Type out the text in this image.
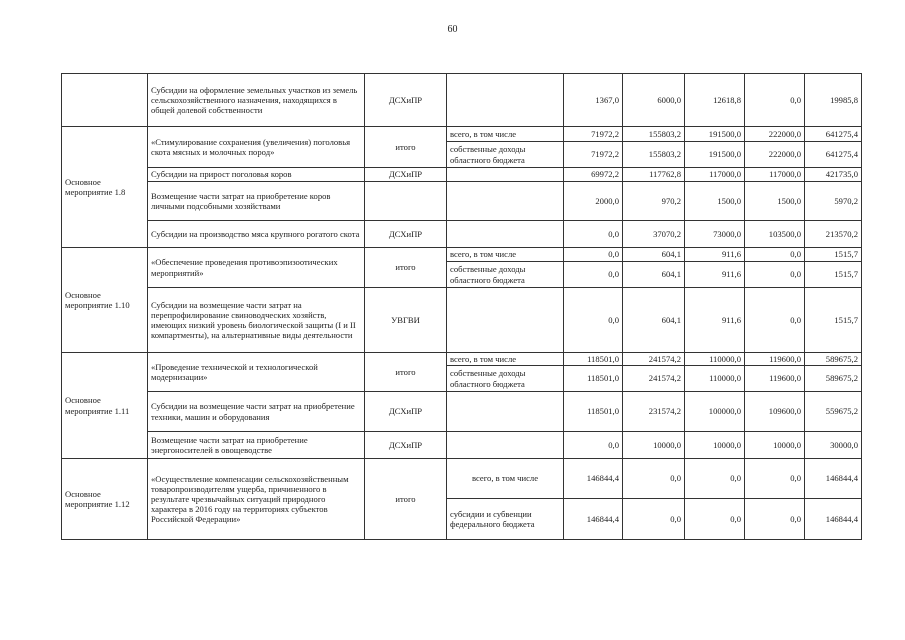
60
	Субсидии на оформление земельных участков из земель сельскохозяйственного назначения, находящихся в общей долевой собственности	ДСХиПР		1367,0	6000,0	12618,8	0,0	19985,8
Основное мероприятие 1.8	«Стимулирование сохранения (увеличения) поголовья скота мясных и молочных пород»	итого	всего, в том числе	71972,2	155803,2	191500,0	222000,0	641275,4
			собственные доходы областного бюджета	71972,2	155803,2	191500,0	222000,0	641275,4
	Субсидии на прирост поголовья коров	ДСХиПР		69972,2	117762,8	117000,0	117000,0	421735,0
	Возмещение части затрат на приобретение коров личными подсобными хозяйствами			2000,0	970,2	1500,0	1500,0	5970,2
	Субсидии на производство мяса крупного рогатого скота	ДСХиПР		0,0	37070,2	73000,0	103500,0	213570,2
Основное мероприятие 1.10	«Обеспечение проведения противоэпизоотических мероприятий»	итого	всего, в том числе	0,0	604,1	911,6	0,0	1515,7
			собственные доходы областного бюджета	0,0	604,1	911,6	0,0	1515,7
	Субсидии на возмещение части затрат на перепрофилирование свиноводческих хозяйств, имеющих низкий уровень биологической защиты (I и II компартменты), на альтернативные виды деятельности	УВГВИ		0,0	604,1	911,6	0,0	1515,7
Основное мероприятие 1.11	«Проведение технической и технологической модернизации»	итого	всего, в том числе	118501,0	241574,2	110000,0	119600,0	589675,2
			собственные доходы областного бюджета	118501,0	241574,2	110000,0	119600,0	589675,2
	Субсидии на возмещение части затрат на приобретение техники, машин и оборудования	ДСХиПР		118501,0	231574,2	100000,0	109600,0	559675,2
	Возмещение части затрат на приобретение энергоносителей в овощеводстве	ДСХиПР		0,0	10000,0	10000,0	10000,0	30000,0
Основное мероприятие 1.12	«Осуществление компенсации сельскохозяйственным товаропроизводителям ущерба, причиненного в результате чрезвычайных ситуаций природного характера в 2016 году на территориях субъектов Российской Федерации»	итого	всего, в том числе	146844,4	0,0	0,0	0,0	146844,4
			субсидии и субвенции федерального бюджета	146844,4	0,0	0,0	0,0	146844,4
